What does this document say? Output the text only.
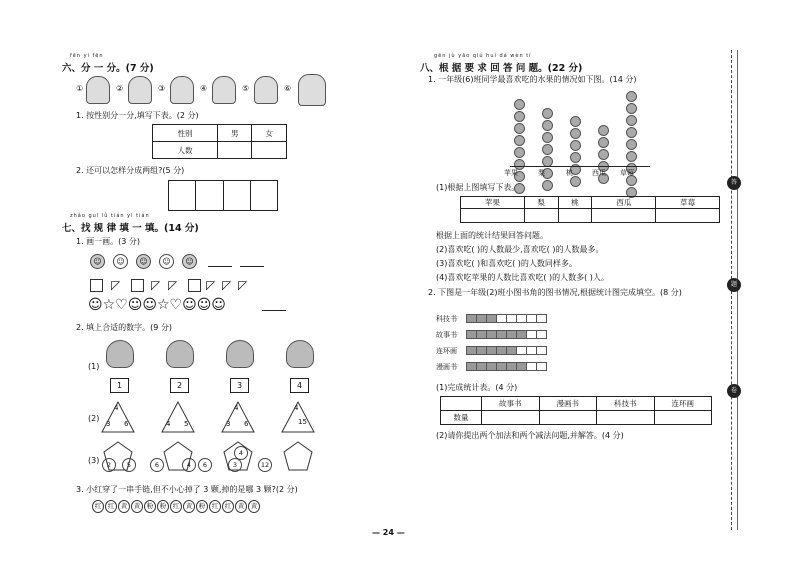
fēn yi fēn
六、分 一 分。(7 分)
①	②	③	④	⑤	⑥
1. 按性别分一分,填写下表。(2 分)
性别	男	女
人数		
2. 还可以怎样分成两组?(5 分)

zhǎo guī lǜ tián yi tián
七、找 规 律 填 一 填。(14 分)
1. 画一画。(3 分)
☺	☺	☺	☺	☺
◸	◸ ◸ ◸ ◸ ◸
☺☆♡☺☺☆♡☺☺☺
2. 填上合适的数字。(9 分)
(1)
1	2	3	4
(2)
4
3 6	4 5
4
3 6
4
15
(3)	2	5	6	4	6	3
4
12
3. 小红穿了一串手链,但不小心掉了 3 颗,掉的是哪 3 颗?(2 分)
红 红 黄 黄 粉 粉 红 黄 粉 红 红 黄 黄
gēn jù yāo qiú huí dá wèn tí
八、根 据 要 求 回 答 问 题。(22 分)
1. 一年级(6)班同学最喜欢吃的水果的情况如下图。(14 分)
苹果	梨	桃	西瓜 草莓
(1)根据上图填写下表。
苹果	梨	桃	西瓜	草莓

根据上面的统计结果回答问题。
(2)喜欢吃( )的人数最少,喜欢吃( )的人数最多。
(3)喜欢吃( )和喜欢吃( )的人数同样多。
(4)喜欢吃苹果的人数比喜欢吃( )的人数多( )人。
2. 下图是一年级(2)班小图书角的图书情况,根据统计图完成填空。(8 分)
科技书
故事书
连环画
漫画书
(1)完成统计表。(4 分)
	故事书	漫画书	科技书	连环画
数量				
(2)请你提出两个加法和两个减法问题,并解答。(4 分)
— 24 —
答
题
卷
